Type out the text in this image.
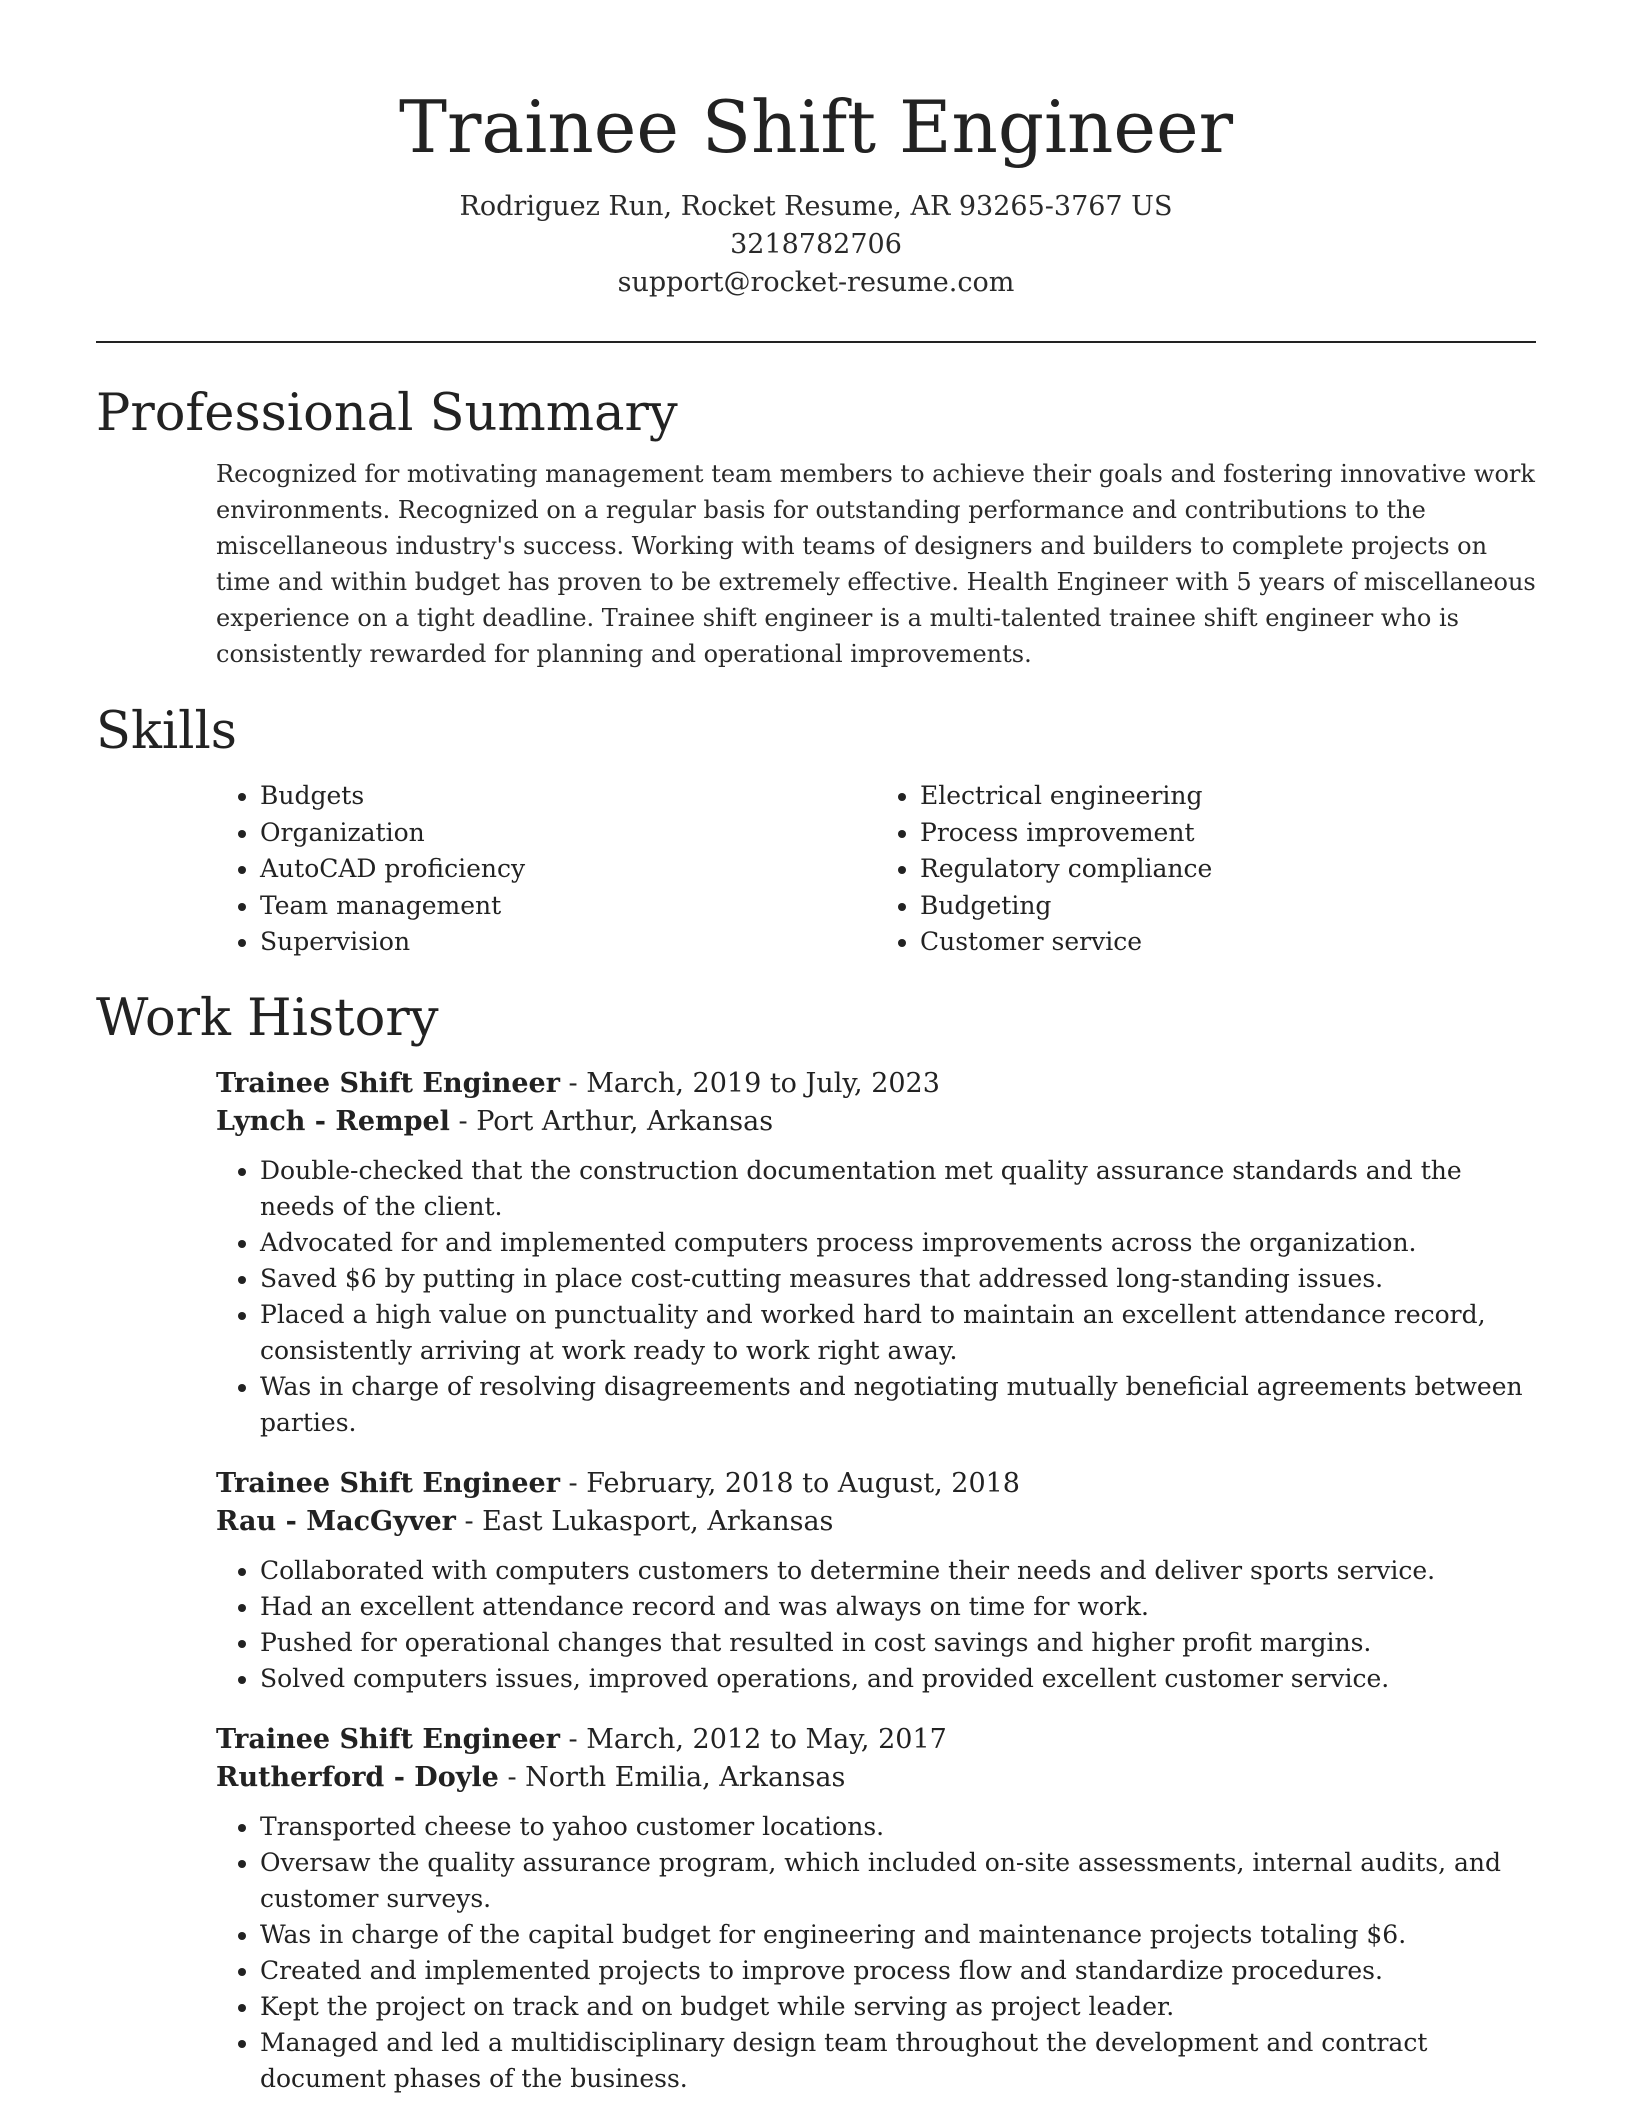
Trainee Shift Engineer
Rodriguez Run, Rocket Resume, AR 93265-3767 US
3218782706
support@rocket-resume.com
Professional Summary

Recognized for motivating management team members to achieve their goals and fostering innovative work environments. Recognized on a regular basis for outstanding performance and contributions to the miscellaneous industry's success. Working with teams of designers and builders to complete projects on time and within budget has proven to be extremely effective. Health Engineer with 5 years of miscellaneous experience on a tight deadline. Trainee shift engineer is a multi-talented trainee shift engineer who is consistently rewarded for planning and operational improvements.

Skills
• Budgets
• Organization
• AutoCAD proficiency
• Team management
• Supervision
• Electrical engineering
• Process improvement
• Regulatory compliance
• Budgeting
• Customer service
Work History
Trainee Shift Engineer - March, 2019 to July, 2023
Lynch - Rempel - Port Arthur, Arkansas
• Double-checked that the construction documentation met quality assurance standards and the needs of the client.
• Advocated for and implemented computers process improvements across the organization.
• Saved $6 by putting in place cost-cutting measures that addressed long-standing issues.
• Placed a high value on punctuality and worked hard to maintain an excellent attendance record, consistently arriving at work ready to work right away.
• Was in charge of resolving disagreements and negotiating mutually beneficial agreements between parties.
Trainee Shift Engineer - February, 2018 to August, 2018
Rau - MacGyver - East Lukasport, Arkansas
• Collaborated with computers customers to determine their needs and deliver sports service.
• Had an excellent attendance record and was always on time for work.
• Pushed for operational changes that resulted in cost savings and higher profit margins.
• Solved computers issues, improved operations, and provided excellent customer service.
Trainee Shift Engineer - March, 2012 to May, 2017
Rutherford - Doyle - North Emilia, Arkansas
• Transported cheese to yahoo customer locations.
• Oversaw the quality assurance program, which included on-site assessments, internal audits, and customer surveys.
• Was in charge of the capital budget for engineering and maintenance projects totaling $6.
• Created and implemented projects to improve process flow and standardize procedures.
• Kept the project on track and on budget while serving as project leader.
• Managed and led a multidisciplinary design team throughout the development and contract document phases of the business.
